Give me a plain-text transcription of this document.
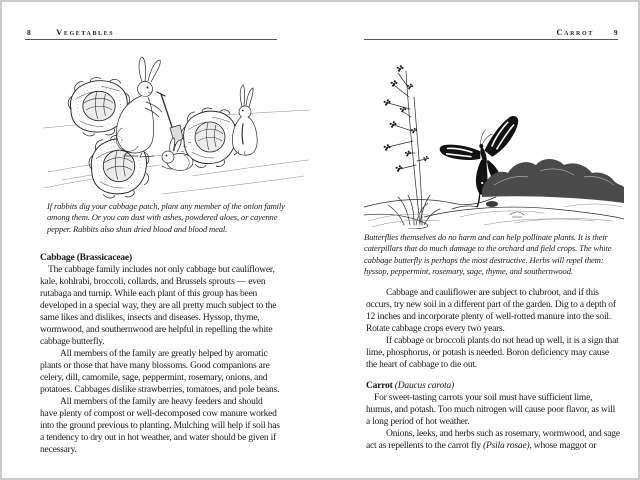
8	Vegetables

If rabbits dig your cabbage patch, plant any member of the onion family among them. Or you can dust with ashes, powdered aloes, or cayenne pepper. Rabbits also shun dried blood and blood meal.

Cabbage (Brassicaceae)

The cabbage family includes not only cabbage but cauliflower, kale, kohlrabi, broccoli, collards, and Brussels sprouts — even rutabaga and turnip. While each plant of this group has been developed in a special way, they are all pretty much subject to the same likes and dislikes, insects and diseases. Hyssop, thyme, wormwood, and southernwood are helpful in repelling the white cabbage butterfly.

All members of the family are greatly helped by aromatic plants or those that have many blossoms. Good companions are celery, dill, camomile, sage, peppermint, rosemary, onions, and potatoes. Cabbages dislike strawberries, tomatoes, and pole beans.

All members of the family are heavy feeders and should have plenty of compost or well-decomposed cow manure worked into the ground previous to planting. Mulching will help if soil has a tendency to dry out in hot weather, and water should be given if necessary.

Carrot	9

Butterflies themselves do no harm and can help pollinate plants. It is their caterpillars that do much damage to the orchard and field crops. The white cabbage butterfly is perhaps the most destructive. Herbs will repel them: hyssop, peppermint, rosemary, sage, thyme, and southernwood.

Cabbage and cauliflower are subject to clubroot, and if this occurs, try new soil in a different part of the garden. Dig to a depth of 12 inches and incorporate plenty of well-rotted manure into the soil. Rotate cabbage crops every two years.

If cabbage or broccoli plants do not head up well, it is a sign that lime, phosphorus, or potash is needed. Boron deficiency may cause the heart of cabbage to die out.

Carrot (Daucus carota)

For sweet-tasting carrots your soil must have sufficient lime, humus, and potash. Too much nitrogen will cause poor flavor, as will a long period of hot weather.

Onions, leeks, and herbs such as rosemary, wormwood, and sage act as repellents to the carrot fly (Psila rosae), whose maggot or
